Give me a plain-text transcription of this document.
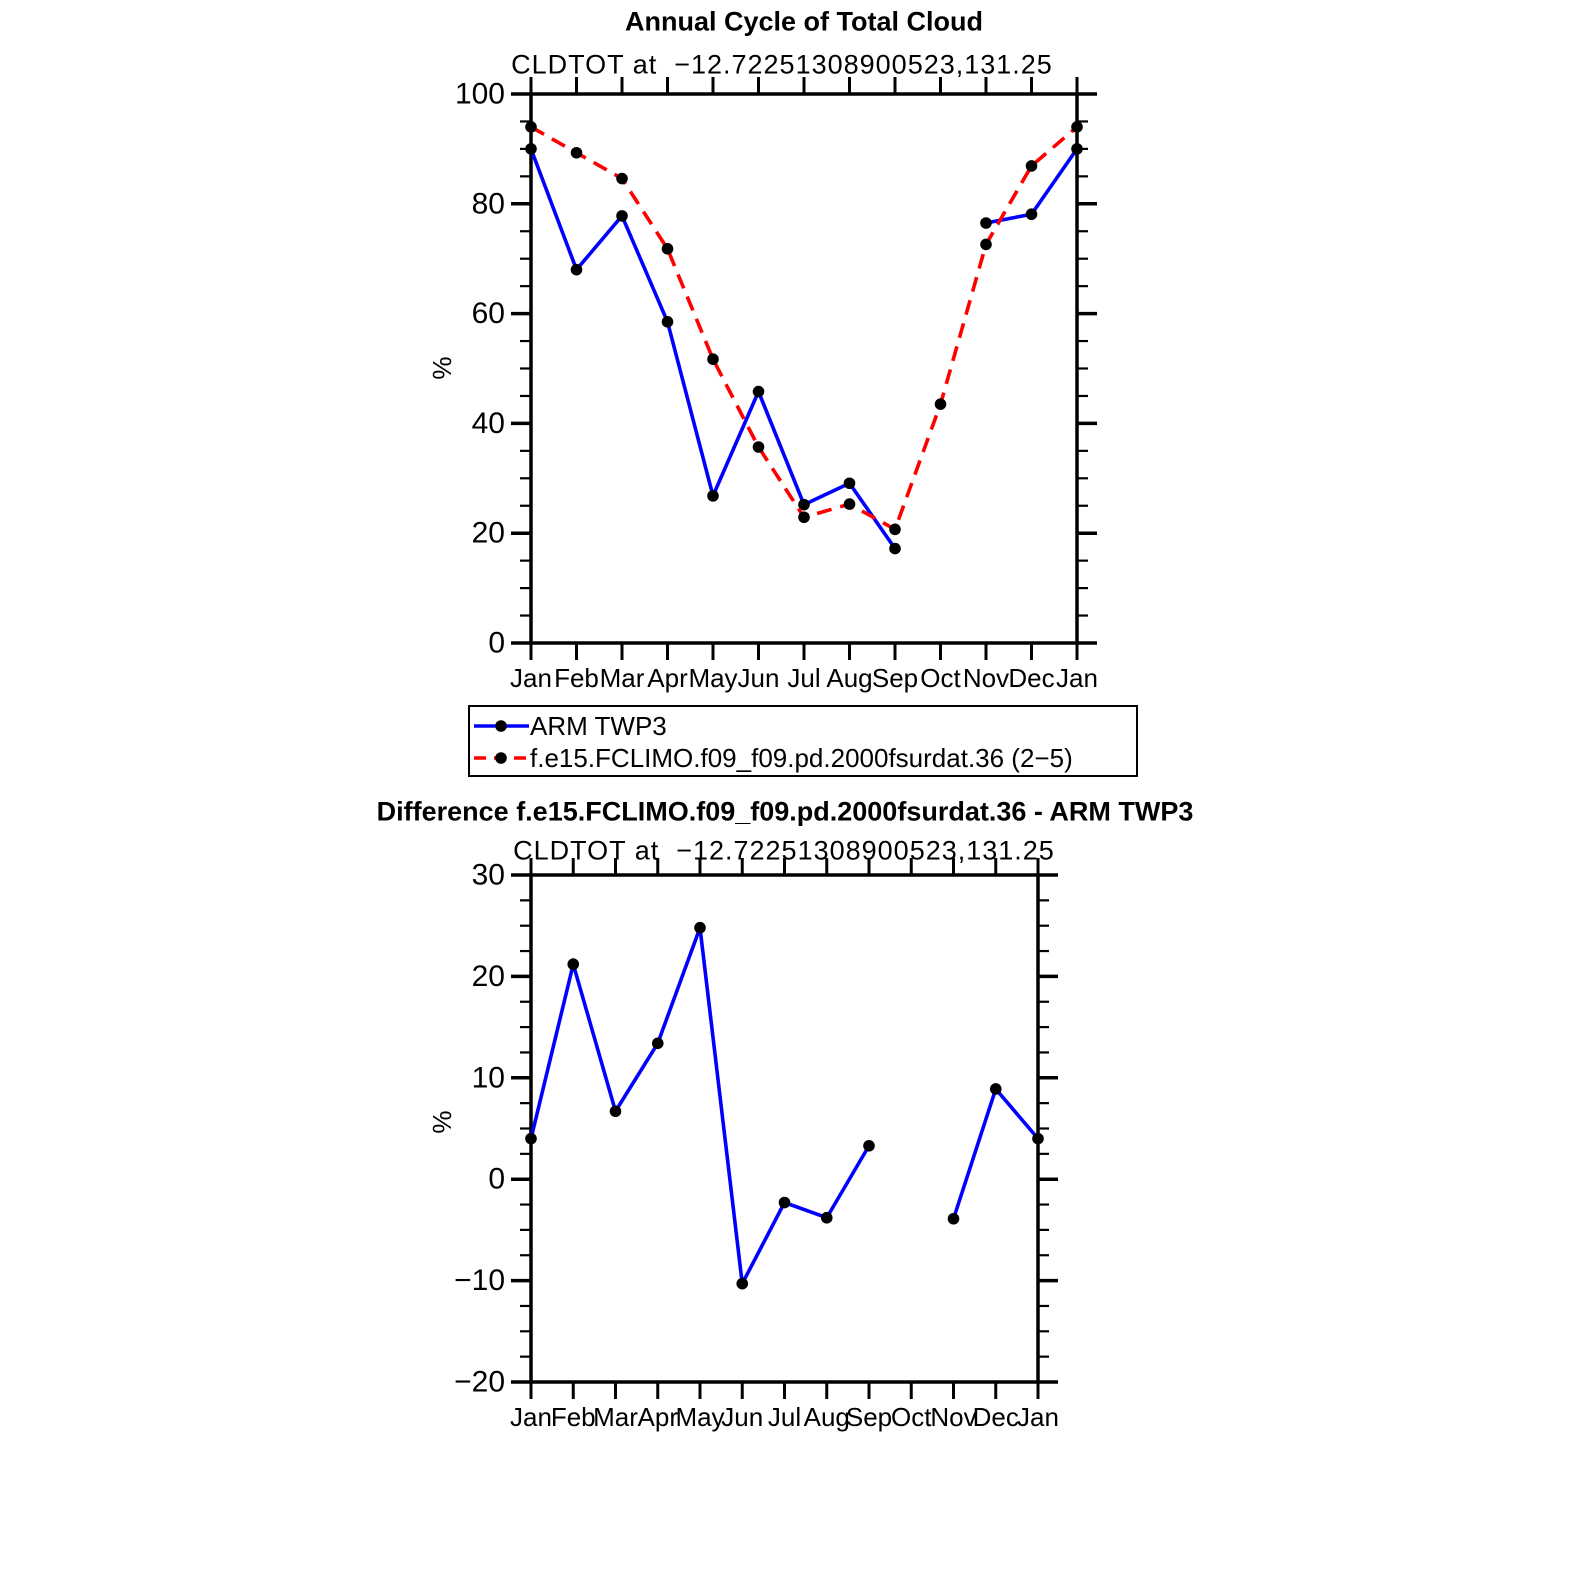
0
20
40
60
80
100
Jan Feb Mar Apr May Jun Jul Aug Sep Oct Nov Dec Jan
−20
−10
0
10
20
30
Jan
Feb
Mar Apr
May
Jun Jul Aug
Sep
Oct
Nov
Dec
Jan
Annual Cycle of Total Cloud
CLDTOT at  −12.72251308900523,131.25
%
ARM TWP3
f.e15.FCLIMO.f09_f09.pd.2000fsurdat.36 (2−5)
Difference f.e15.FCLIMO.f09_f09.pd.2000fsurdat.36 - ARM TWP3
CLDTOT at  −12.72251308900523,131.25
%
